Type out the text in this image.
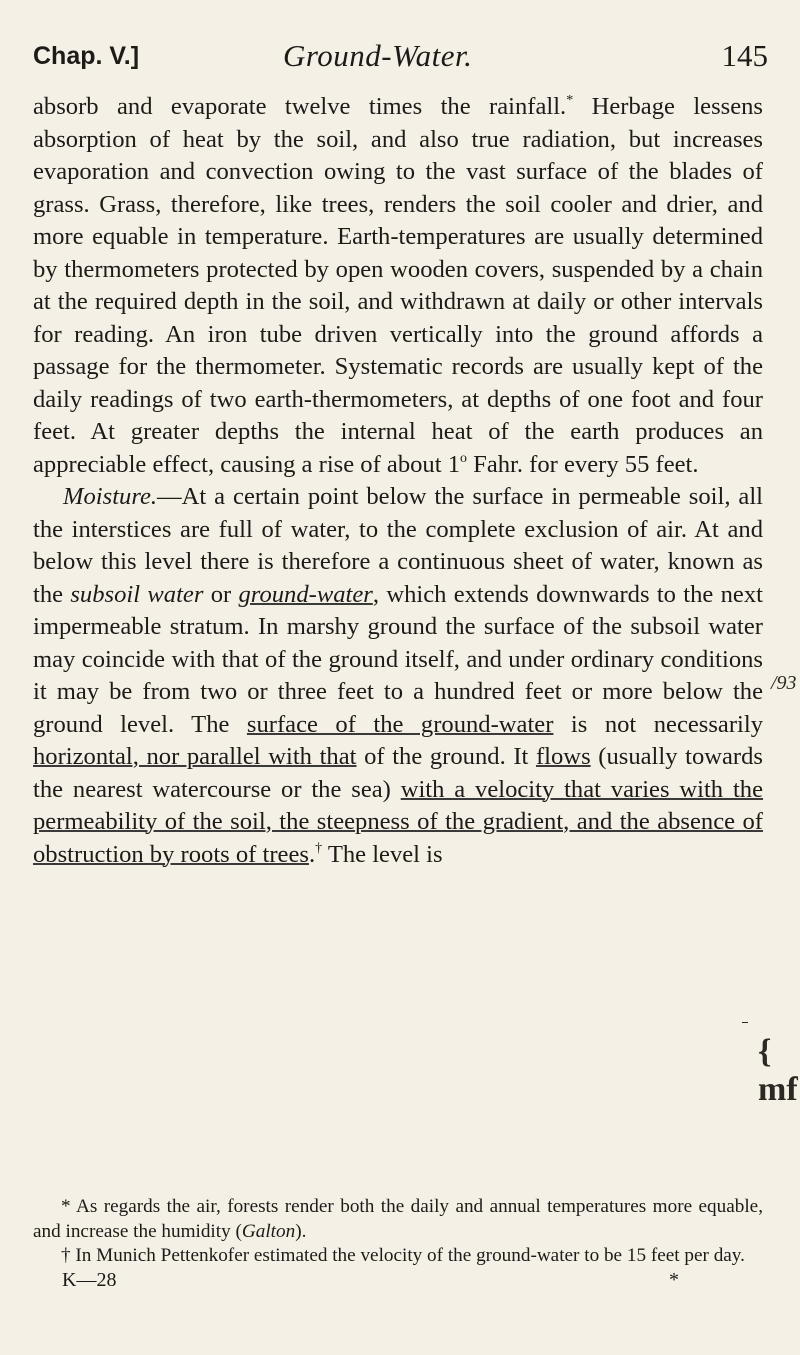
Chap. V.]	Ground-Water.	145

absorb and evaporate twelve times the rainfall.* Herbage lessens absorption of heat by the soil, and also true radiation, but increases evaporation and convection owing to the vast surface of the blades of grass. Grass, therefore, like trees, renders the soil cooler and drier, and more equable in temperature. Earth-temperatures are usually determined by thermometers protected by open wooden covers, suspended by a chain at the required depth in the soil, and withdrawn at daily or other intervals for reading. An iron tube driven vertically into the ground affords a passage for the thermometer. Systematic records are usually kept of the daily readings of two earth-thermometers, at depths of one foot and four feet. At greater depths the internal heat of the earth produces an appreciable effect, causing a rise of about 1$^o$ Fahr. for every 55 feet.

Moisture.—At a certain point below the surface in permeable soil, all the interstices are full of water, to the complete exclusion of air. At and below this level there is therefore a continuous sheet of water, known as the subsoil water or ground-water, which extends downwards to the next impermeable stratum. In marshy ground the surface of the subsoil water may coincide with that of the ground itself, and under ordinary conditions it may be from two or three feet to a hundred feet or more below the ground level. The surface of the ground-water is not necessarily horizontal, nor parallel with that of the ground. It flows (usually towards the nearest watercourse or the sea) with a velocity that varies with the permeability of the soil, the steepness of the gradient, and the absence of obstruction by roots of trees.† The level is

/93
{ mf

* As regards the air, forests render both the daily and annual temperatures more equable, and increase the humidity (Galton).

† In Munich Pettenkofer estimated the velocity of the ground-water to be 15 feet per day.

K—28	*
